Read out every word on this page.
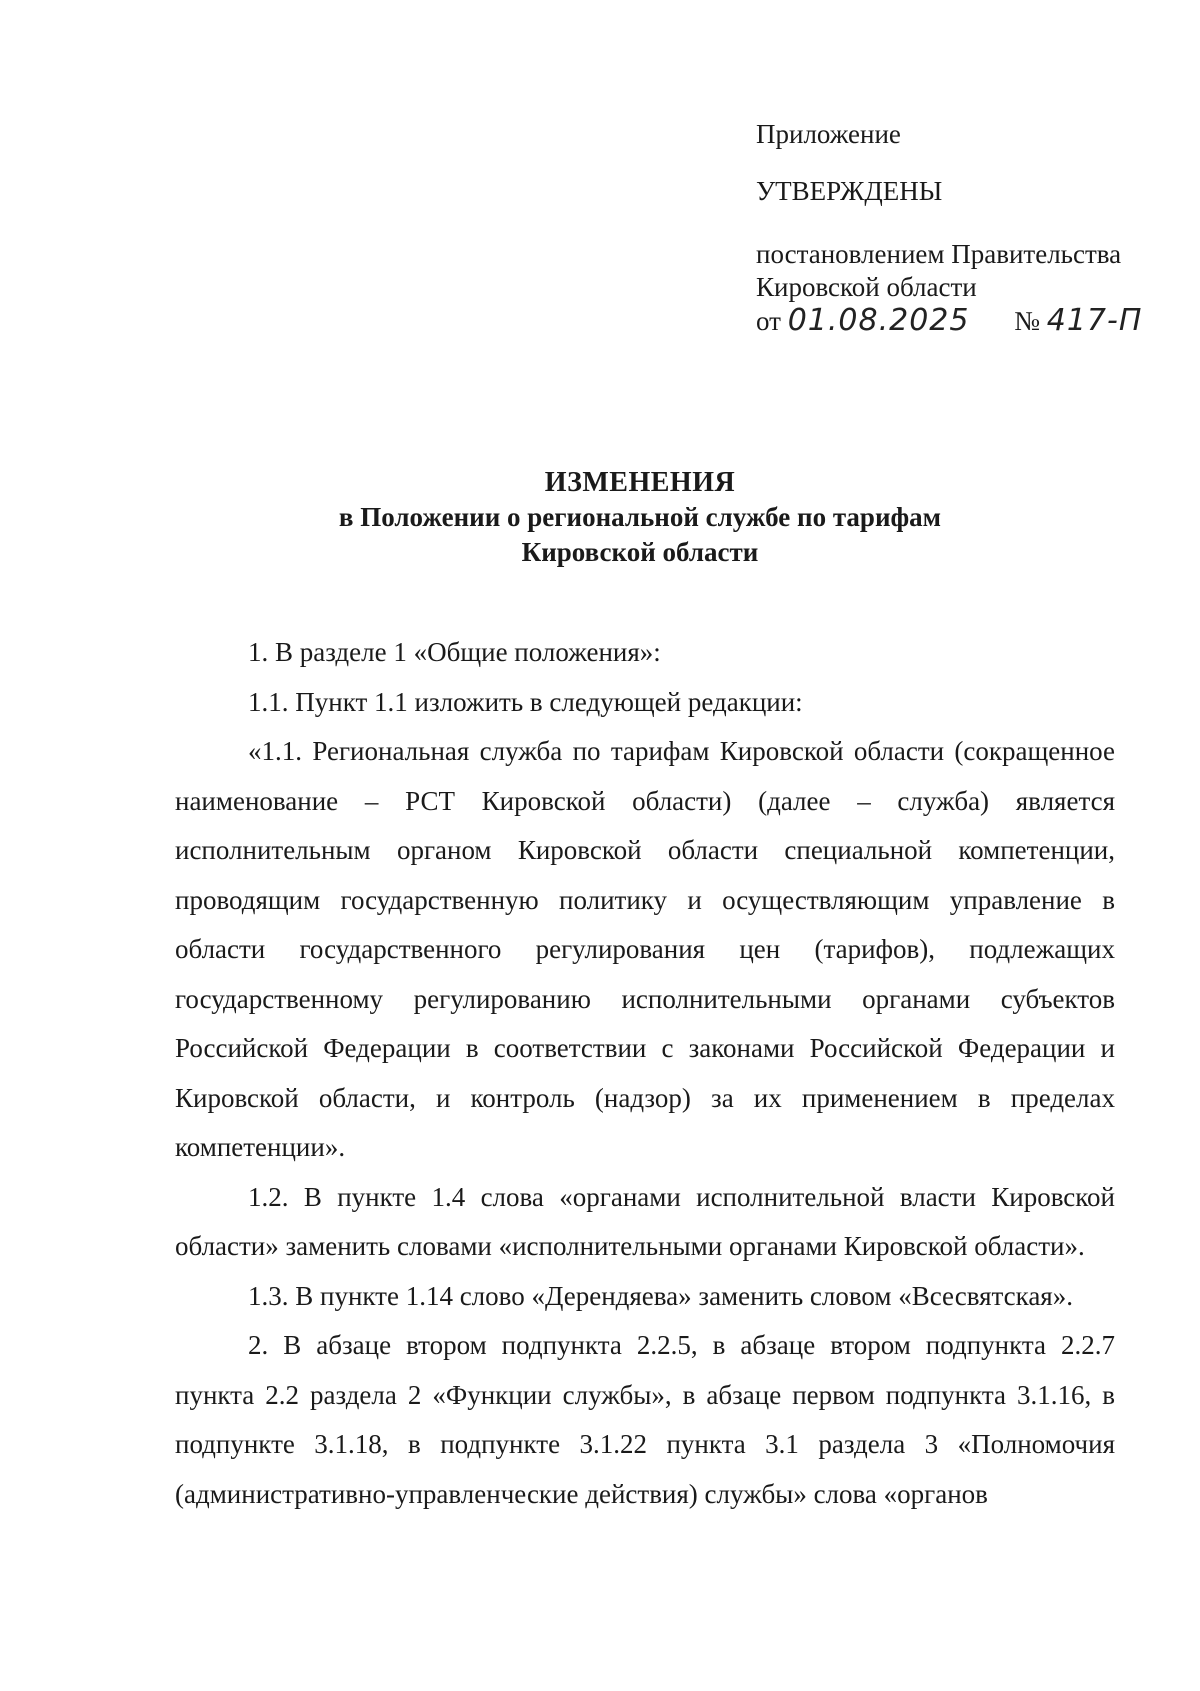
Приложение
УТВЕРЖДЕНЫ
постановлением Правительства
Кировской области
от 01.08.2025 № 417-П
ИЗМЕНЕНИЯ
в Положении о региональной службе по тарифам
Кировской области

1. В разделе 1 «Общие положения»:

1.1. Пункт 1.1 изложить в следующей редакции:

«1.1. Региональная служба по тарифам Кировской области (сокращенное наименование – РСТ Кировской области) (далее – служба) является исполнительным органом Кировской области специальной компетенции, проводящим государственную политику и осуществляющим управление в области государственного регулирования цен (тарифов), подлежащих государственному регулированию исполнительными органами субъектов Российской Федерации в соответствии с законами Российской Федерации и Кировской области, и контроль (надзор) за их применением в пределах компетенции».

1.2. В пункте 1.4 слова «органами исполнительной власти Кировской области» заменить словами «исполнительными органами Кировской области».

1.3. В пункте 1.14 слово «Дерендяева» заменить словом «Всесвятская».

2. В абзаце втором подпункта 2.2.5, в абзаце втором подпункта 2.2.7 пункта 2.2 раздела 2 «Функции службы», в абзаце первом подпункта 3.1.16, в подпункте 3.1.18, в подпункте 3.1.22 пункта 3.1 раздела 3 «Полномочия (административно-управленческие действия) службы» слова «органов
